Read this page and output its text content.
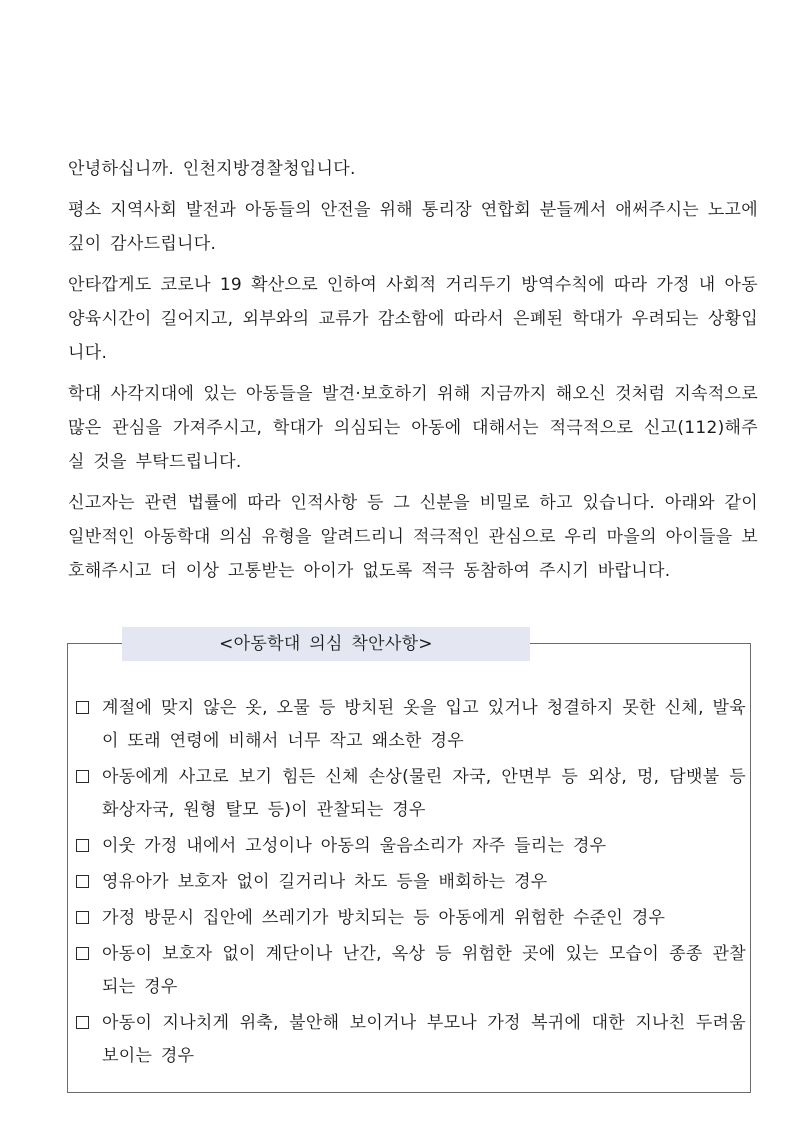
안녕하십니까. 인천지방경찰청입니다.

평소 지역사회 발전과 아동들의 안전을 위해 통리장 연합회 분들께서 애써주시는 노고에 깊이 감사드립니다.

안타깝게도 코로나 19 확산으로 인하여 사회적 거리두기 방역수칙에 따라 가정 내 아동 양육시간이 길어지고, 외부와의 교류가 감소함에 따라서 은폐된 학대가 우려되는 상황입니다.

학대 사각지대에 있는 아동들을 발견·보호하기 위해 지금까지 해오신 것처럼 지속적으로 많은 관심을 가져주시고, 학대가 의심되는 아동에 대해서는 적극적으로 신고(112)해주실 것을 부탁드립니다.

신고자는 관련 법률에 따라 인적사항 등 그 신분을 비밀로 하고 있습니다. 아래와 같이 일반적인 아동학대 의심 유형을 알려드리니 적극적인 관심으로 우리 마을의 아이들을 보호해주시고 더 이상 고통받는 아이가 없도록 적극 동참하여 주시기 바랍니다.

<아동학대 의심 착안사항>
계절에 맞지 않은 옷, 오물 등 방치된 옷을 입고 있거나 청결하지 못한 신체, 발육이 또래 연령에 비해서 너무 작고 왜소한 경우
아동에게 사고로 보기 힘든 신체 손상(물린 자국, 안면부 등 외상, 멍, 담뱃불 등 화상자국, 원형 탈모 등)이 관찰되는 경우
이웃 가정 내에서 고성이나 아동의 울음소리가 자주 들리는 경우
영유아가 보호자 없이 길거리나 차도 등을 배회하는 경우
가정 방문시 집안에 쓰레기가 방치되는 등 아동에게 위험한 수준인 경우
아동이 보호자 없이 계단이나 난간, 옥상 등 위험한 곳에 있는 모습이 종종 관찰되는 경우
아동이 지나치게 위축, 불안해 보이거나 부모나 가정 복귀에 대한 지나친 두려움 보이는 경우
